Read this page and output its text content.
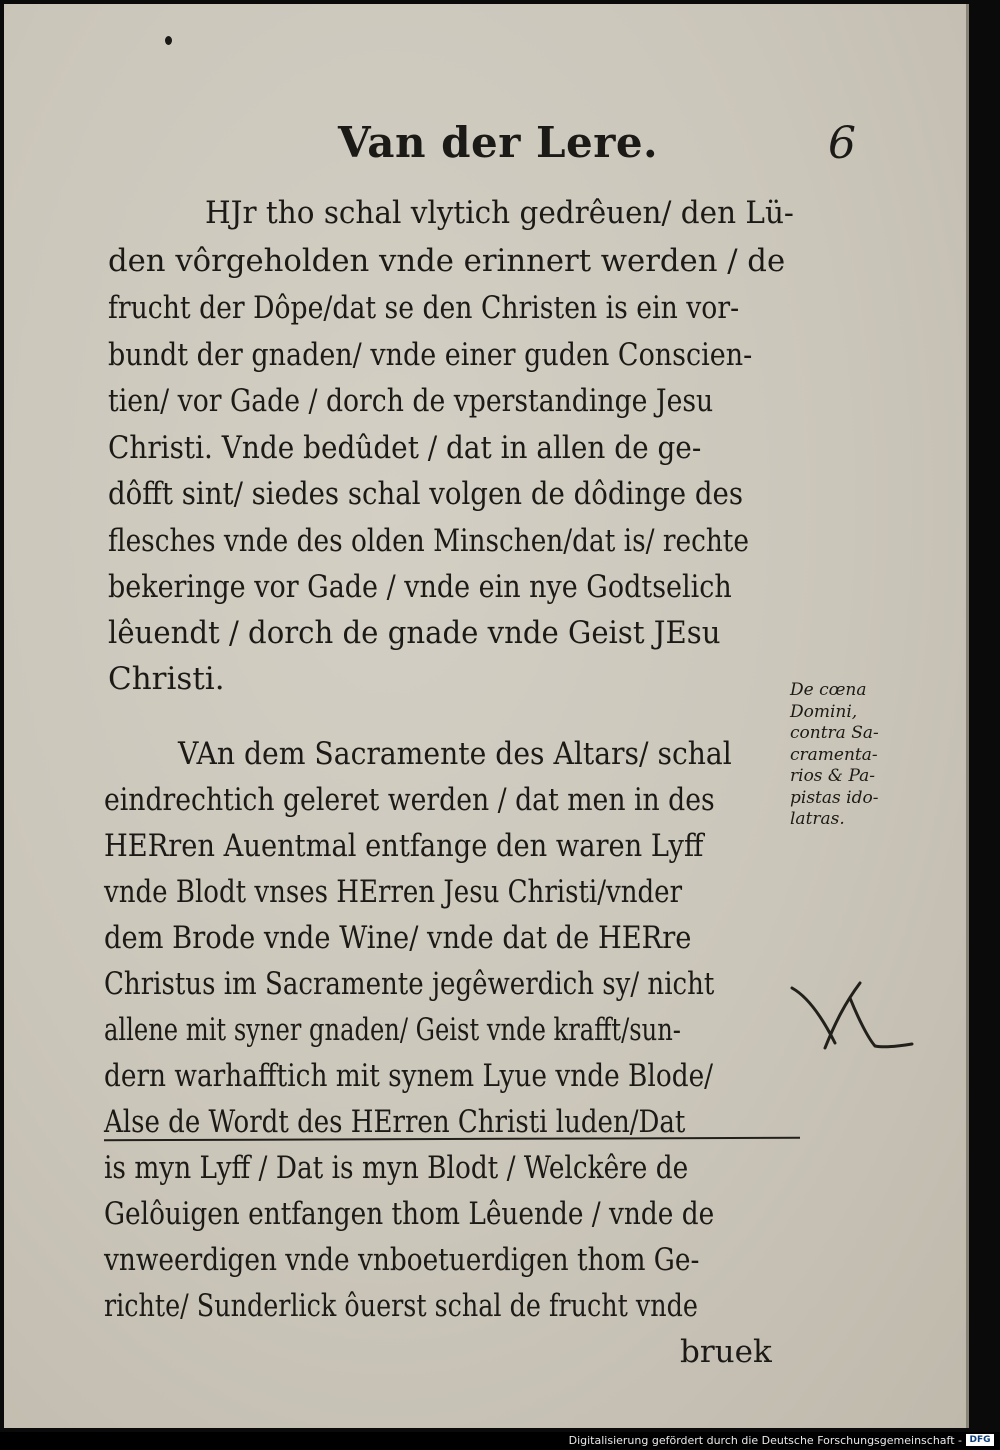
Van der Lere.	6
HJr tho schal vlytich gedrêuen/ den Lü-
den vôrgeholden vnde erinnert werden / de
frucht der Dôpe/dat se den Christen is ein vor-
bundt der gnaden/ vnde einer guden Conscien-
tien/ vor Gade / dorch de vperstandinge Jesu
Christi. Vnde bedûdet / dat in allen de ge-
dôfft sint/ siedes schal volgen de dôdinge des
flesches vnde des olden Minschen/dat is/ rechte
bekeringe vor Gade / vnde ein nye Godtselich
lêuendt / dorch de gnade vnde Geist JEsu
Christi.
VAn dem Sacramente des Altars/ schal
eindrechtich geleret werden / dat men in des
HERren Auentmal entfange den waren Lyff
vnde Blodt vnses HErren Jesu Christi/vnder
dem Brode vnde Wine/ vnde dat de HERre
Christus im Sacramente jegêwerdich sy/ nicht
allene mit syner gnaden/ Geist vnde krafft/sun-
dern warhafftich mit synem Lyue vnde Blode/
Alse de Wordt des HErren Christi luden/Dat
is myn Lyff / Dat is myn Blodt / Welckêre de
Gelôuigen entfangen thom Lêuende / vnde de
vnweerdigen vnde vnboetuerdigen thom Ge-
richte/ Sunderlick ôuerst schal de frucht vnde
bruek
De cœna
Domini,
contra Sa-
cramenta-
rios & Pa-
pistas ido-
latras.
Digitalisierung gefördert durch die Deutsche Forschungsgemeinschaft - DFG
